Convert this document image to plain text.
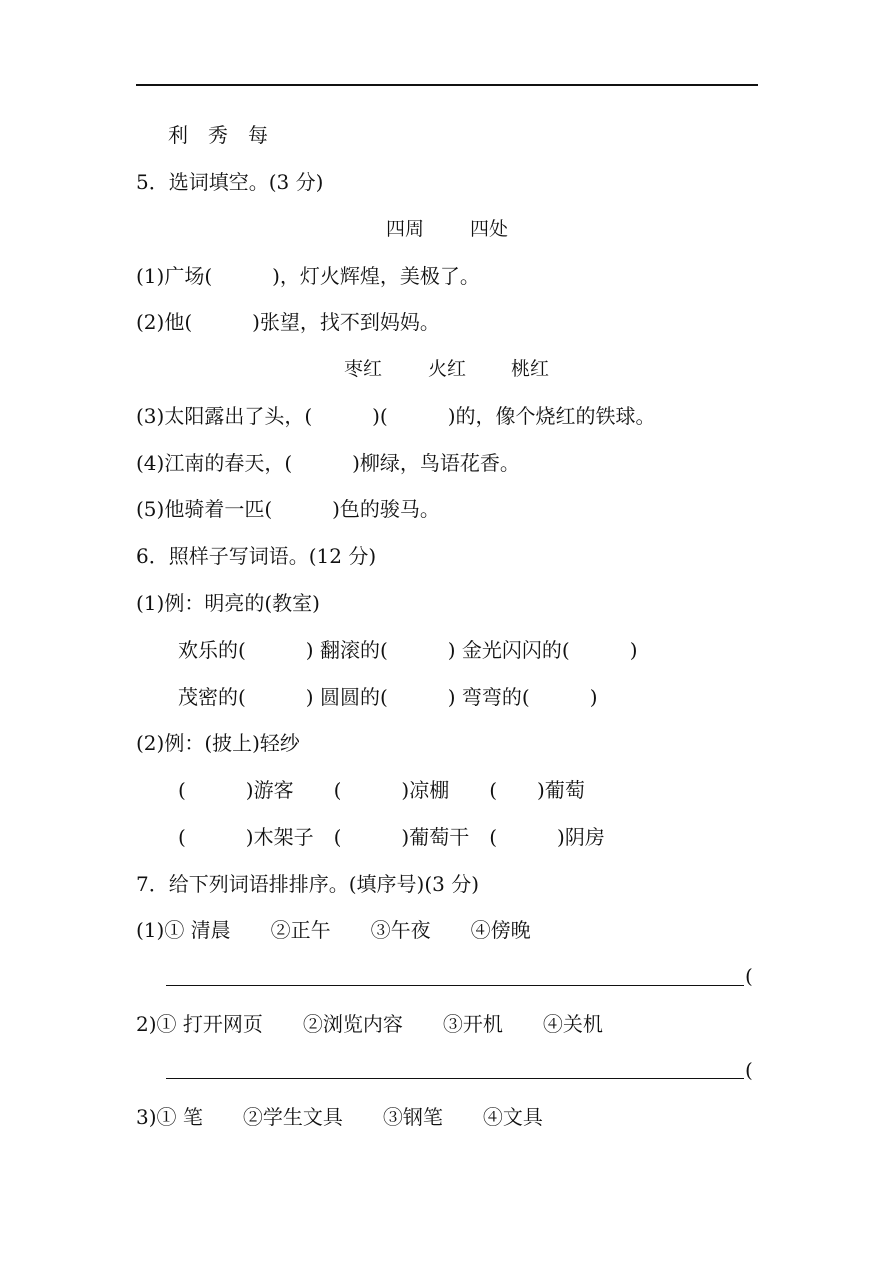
利　秀　每
5．选词填空。(3 分)
四周 四处
(1)广场(　　　)，灯火辉煌，美极了。
(2)他(　　　)张望，找不到妈妈。
枣红 火红 桃红
(3)太阳露出了头，(　　　)(　　　)的，像个烧红的铁球。
(4)江南的春天，(　　　)柳绿，鸟语花香。
(5)他骑着一匹(　　　)色的骏马。
6．照样子写词语。(12 分)
(1)例：明亮的(教室)
欢乐的(　　　) 翻滚的(　　　) 金光闪闪的(　　　)
茂密的(　　　) 圆圆的(　　　) 弯弯的(　　　)
(2)例：(披上)轻纱
(　　　)游客　　(　　　)凉棚　　(　　)葡萄
(　　　)木架子　(　　　)葡萄干　(　　　)阴房
7．给下列词语排排序。(填序号)(3 分)
(1)① 清晨　　②正午　　③午夜　　④傍晚
(
2)① 打开网页　　②浏览内容　　③开机　　④关机
(
3)① 笔　　②学生文具　　③钢笔　　④文具
